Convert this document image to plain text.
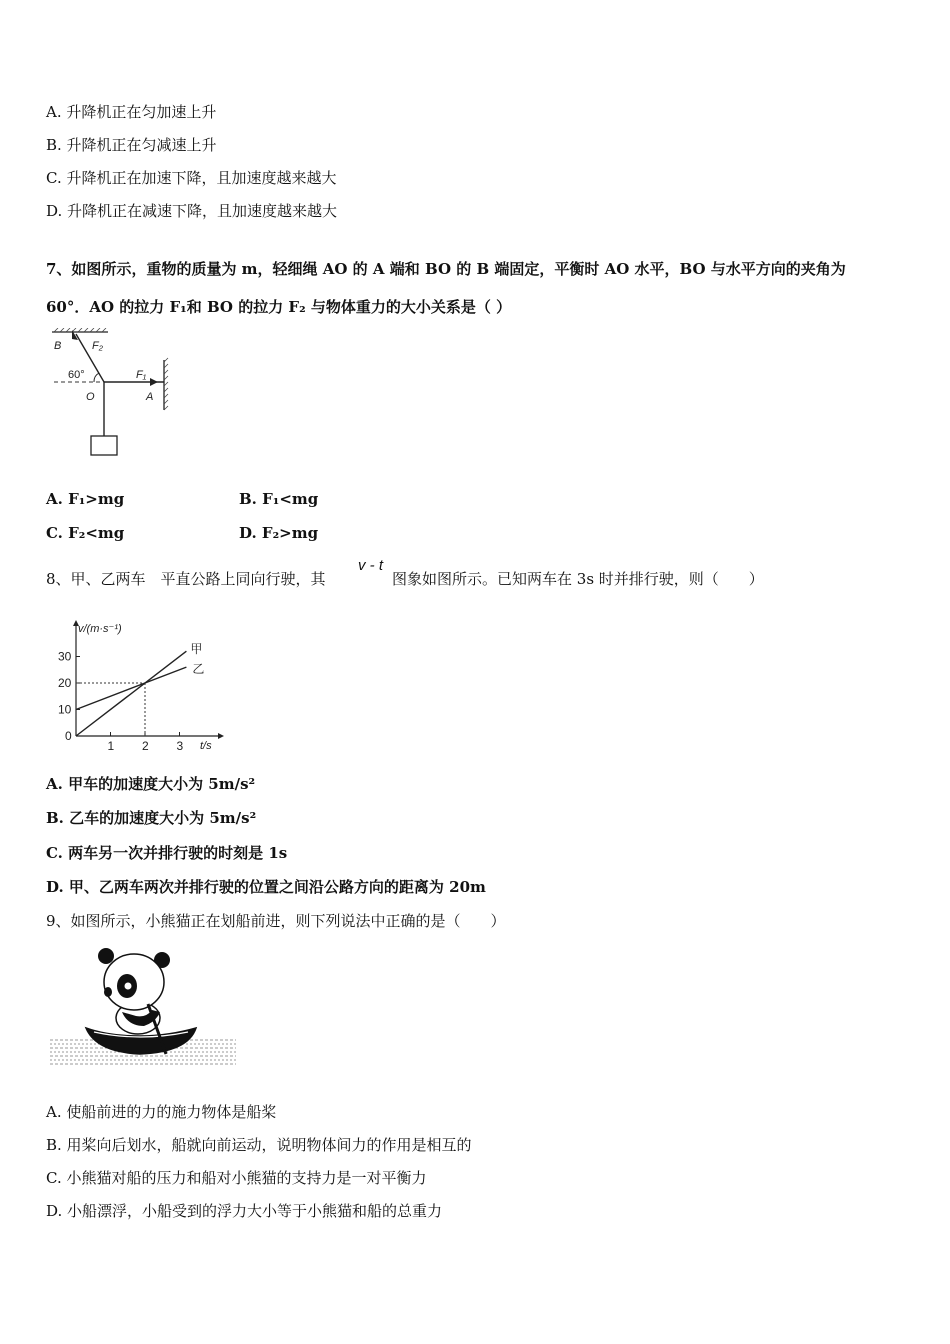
A. 升降机正在匀加速上升
B. 升降机正在匀减速上升
C. 升降机正在加速下降，且加速度越来越大
D. 升降机正在减速下降，且加速度越来越大
7、如图所示，重物的质量为 m，轻细绳 AO 的 A 端和 BO 的 B 端固定，平衡时 AO 水平，BO 与水平方向的夹角为
60°．AO 的拉力 F₁和 BO 的拉力 F₂ 与物体重力的大小关系是（ ）
B	F₂
60°
O
F₁
A
A. F₁>mg	B. F₁<mg
C. F₂<mg	D. F₂>mg
8、甲、乙两车　平直公路上同向行驶，其
v - t
图象如图所示。已知两车在 3s 时并排行驶，则（　　）
v/(m·s⁻¹)
t/s
10
20
30
0
1 2 3
甲
乙
A. 甲车的加速度大小为 5m/s²
B. 乙车的加速度大小为 5m/s²
C. 两车另一次并排行驶的时刻是 1s
D. 甲、乙两车两次并排行驶的位置之间沿公路方向的距离为 20m
9、如图所示，小熊猫正在划船前进，则下列说法中正确的是（　　）
A. 使船前进的力的施力物体是船桨
B. 用桨向后划水，船就向前运动，说明物体间力的作用是相互的
C. 小熊猫对船的压力和船对小熊猫的支持力是一对平衡力
D. 小船漂浮，小船受到的浮力大小等于小熊猫和船的总重力
